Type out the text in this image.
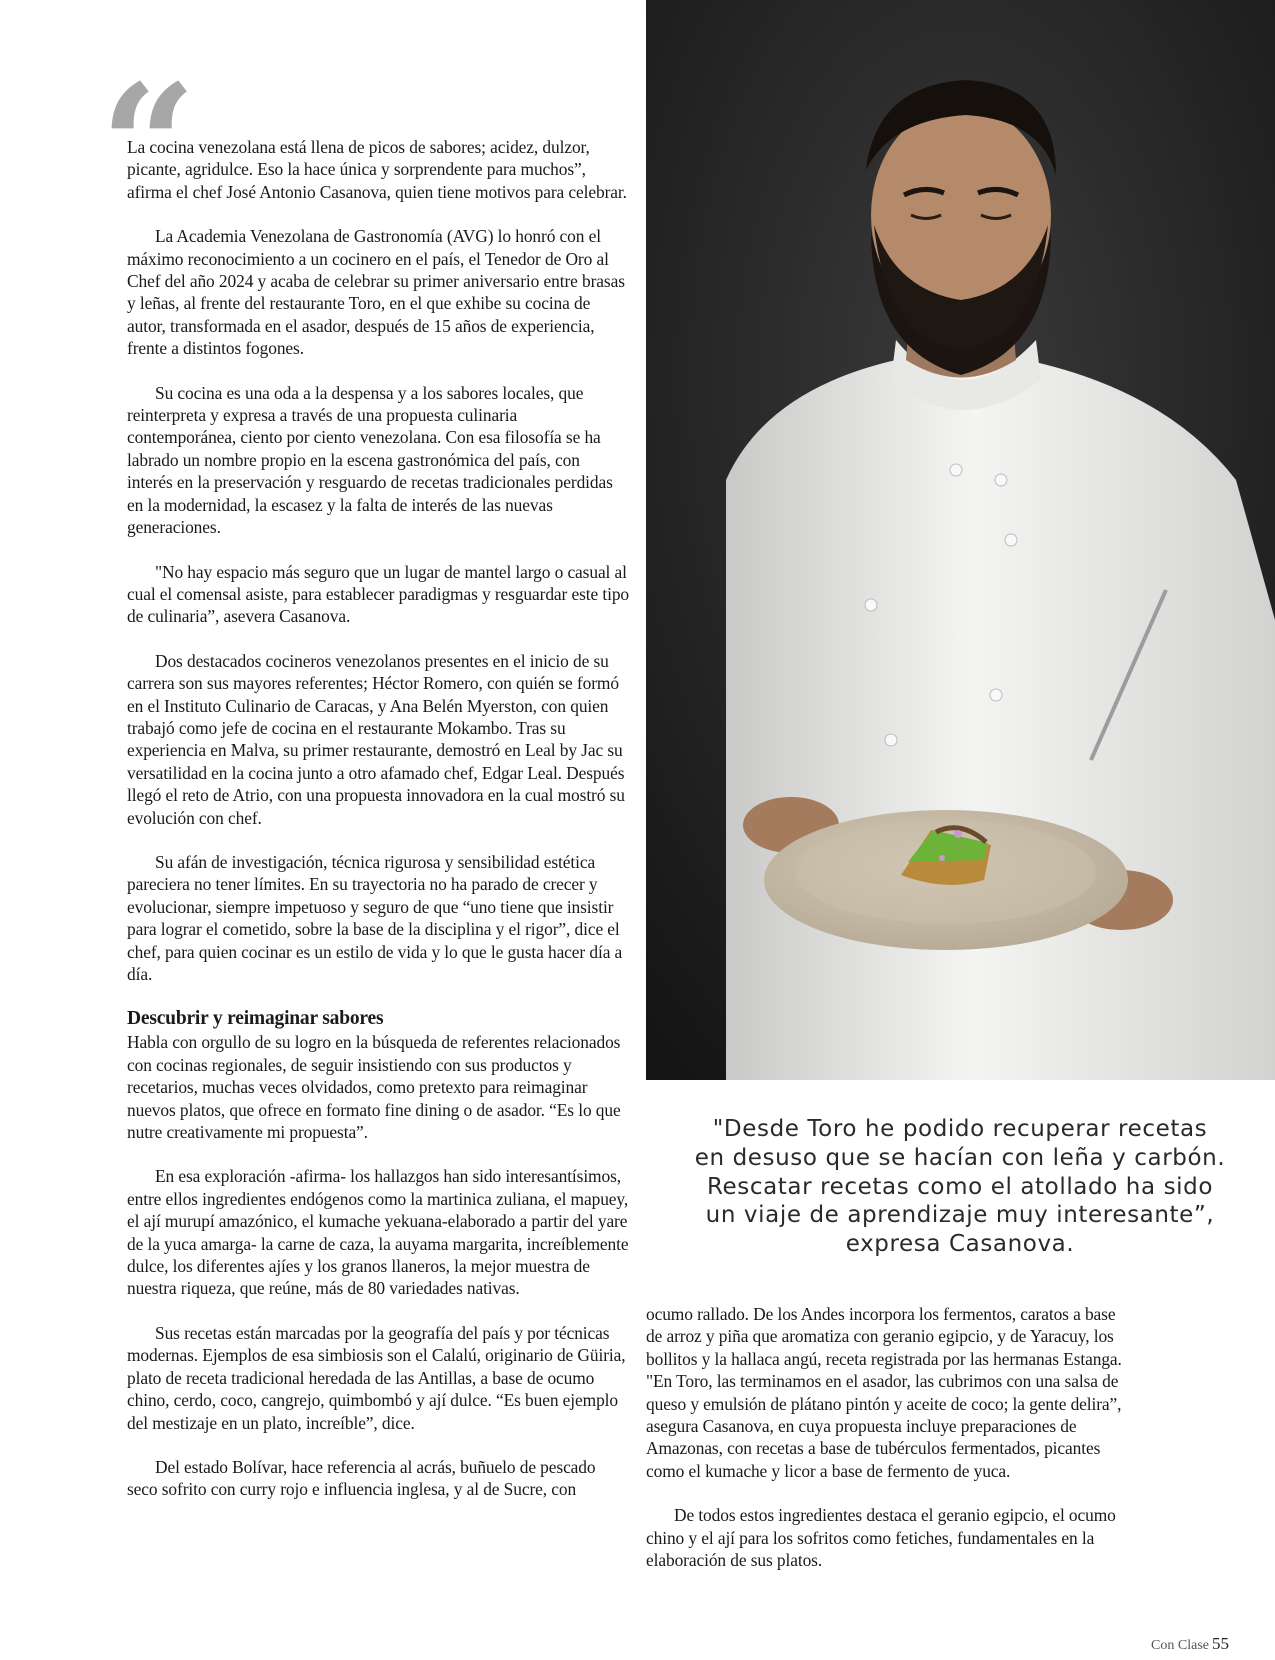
“

La cocina venezolana está llena de picos de sabores; acidez, dulzor, picante, agridulce. Eso la hace única y sorprendente para muchos”, afirma el chef José Antonio Casanova, quien tiene motivos para celebrar.

La Academia Venezolana de Gastronomía (AVG) lo honró con el máximo reconocimiento a un cocinero en el país, el Tenedor de Oro al Chef del año 2024 y acaba de celebrar su primer aniversario entre brasas y leñas, al frente del restaurante Toro, en el que exhibe su cocina de autor, transformada en el asador, después de 15 años de experiencia, frente a distintos fogones.

Su cocina es una oda a la despensa y a los sabores locales, que reinterpreta y expresa a través de una propuesta culinaria contemporánea, ciento por ciento venezolana. Con esa filosofía se ha labrado un nombre propio en la escena gastronómica del país, con interés en la preservación y resguardo de recetas tradicionales perdidas en la modernidad, la escasez y la falta de interés de las nuevas generaciones.

"No hay espacio más seguro que un lugar de mantel largo o casual al cual el comensal asiste, para establecer paradigmas y resguardar este tipo de culinaria”, asevera Casanova.

Dos destacados cocineros venezolanos presentes en el inicio de su carrera son sus mayores referentes; Héctor Romero, con quién se formó en el Instituto Culinario de Caracas, y Ana Belén Myerston, con quien trabajó como jefe de cocina en el restaurante Mokambo. Tras su experiencia en Malva, su primer restaurante, demostró en Leal by Jac su versatilidad en la cocina junto a otro afamado chef, Edgar Leal. Después llegó el reto de Atrio, con una propuesta innovadora en la cual mostró su evolución con chef.

Su afán de investigación, técnica rigurosa y sensibilidad estética pareciera no tener límites. En su trayectoria no ha parado de crecer y evolucionar, siempre impetuoso y seguro de que “uno tiene que insistir para lograr el cometido, sobre la base de la disciplina y el rigor”, dice el chef, para quien cocinar es un estilo de vida y lo que le gusta hacer día a día.

Descubrir y reimaginar sabores

Habla con orgullo de su logro en la búsqueda de referentes relacionados con cocinas regionales, de seguir insistiendo con sus productos y recetarios, muchas veces olvidados, como pretexto para reimaginar nuevos platos, que ofrece en formato fine dining o de asador. “Es lo que nutre creativamente mi propuesta”.

En esa exploración -afirma- los hallazgos han sido interesantísimos, entre ellos ingredientes endógenos como la martinica zuliana, el mapuey, el ají murupí amazónico, el kumache yekuana-elaborado a partir del yare de la yuca amarga- la carne de caza, la auyama margarita, increíblemente dulce, los diferentes ajíes y los granos llaneros, la mejor muestra de nuestra riqueza, que reúne, más de 80 variedades nativas.

Sus recetas están marcadas por la geografía del país y por técnicas modernas. Ejemplos de esa simbiosis son el Calalú, originario de Güiria, plato de receta tradicional heredada de las Antillas, a base de ocumo chino, cerdo, coco, cangrejo, quimbombó y ají dulce. “Es buen ejemplo del mestizaje en un plato, increíble”, dice.

Del estado Bolívar, hace referencia al acrás, buñuelo de pescado seco sofrito con curry rojo e influencia inglesa, y al de Sucre, con

"Desde Toro he podido recuperar recetas
en desuso que se hacían con leña y carbón.
Rescatar recetas como el atollado ha sido
un viaje de aprendizaje muy interesante”,
expresa Casanova.

ocumo rallado. De los Andes incorpora los fermentos, caratos a base de arroz y piña que aromatiza con geranio egipcio, y de Yaracuy, los bollitos y la hallaca angú, receta registrada por las hermanas Estanga. "En Toro, las terminamos en el asador, las cubrimos con una salsa de queso y emulsión de plátano pintón y aceite de coco; la gente delira”, asegura Casanova, en cuya propuesta incluye preparaciones de Amazonas, con recetas a base de tubérculos fermentados, picantes como el kumache y licor a base de fermento de yuca.

De todos estos ingredientes destaca el geranio egipcio, el ocumo chino y el ají para los sofritos como fetiches, fundamentales en la elaboración de sus platos.

Con Clase 55
